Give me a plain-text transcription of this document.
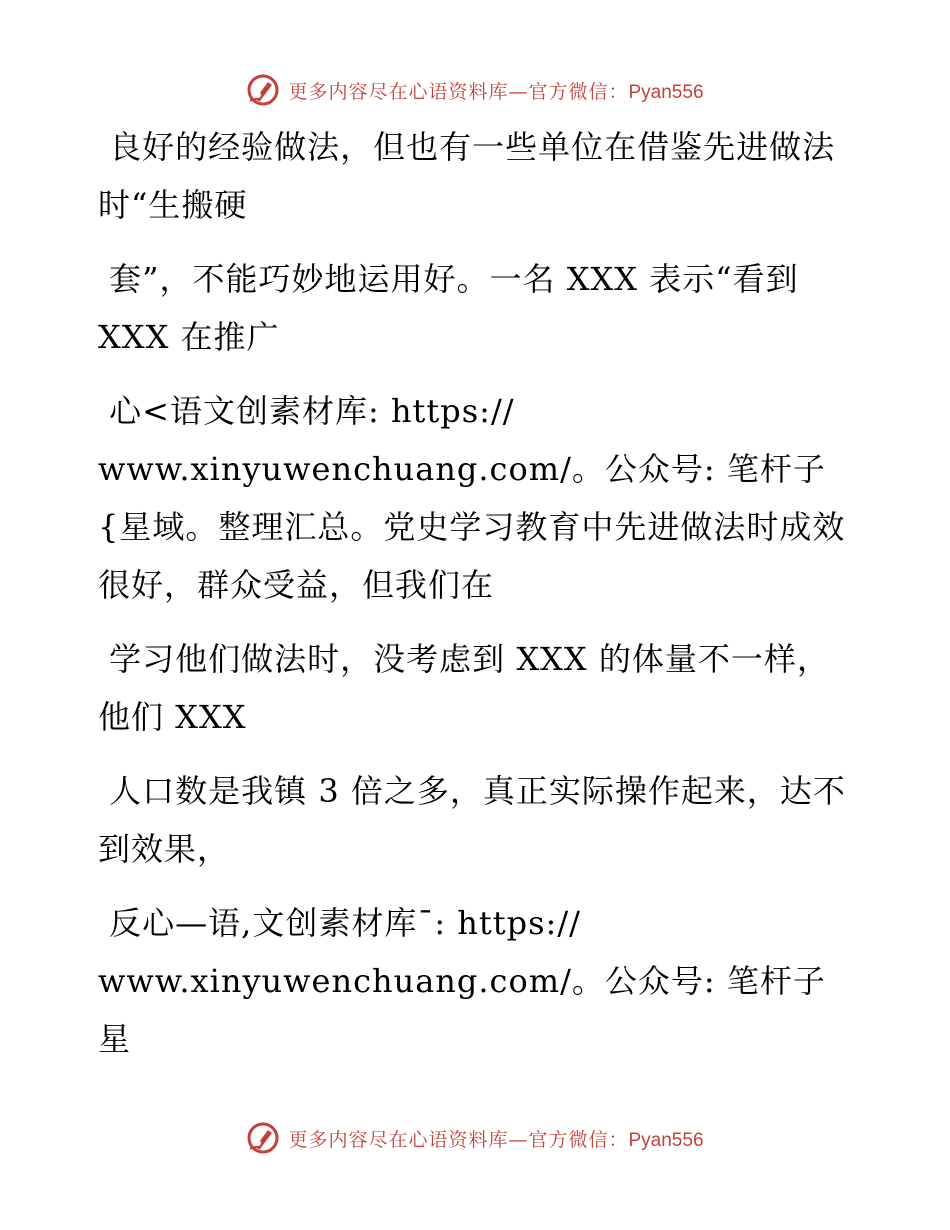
更多内容尽在心语资料库—官方微信：Pyan556

良好的经验做法，但也有一些单位在借鉴先进做法时“生搬硬

套”，不能巧妙地运用好。一名 XXX 表示“看到 XXX 在推广

心<语文创素材库: https://

www.xinyuwenchuang.com/。公众号: 笔杆子{星域。整理汇总。党史学习教育中先进做法时成效很好，群众受益，但我们在

学习他们做法时，没考虑到 XXX 的体量不一样，他们 XXX

人口数是我镇 3 倍之多，真正实际操作起来，达不到效果，

反心—语,文创素材库¯: https://

www.xinyuwenchuang.com/。公众号: 笔杆子星

更多内容尽在心语资料库—官方微信：Pyan556
